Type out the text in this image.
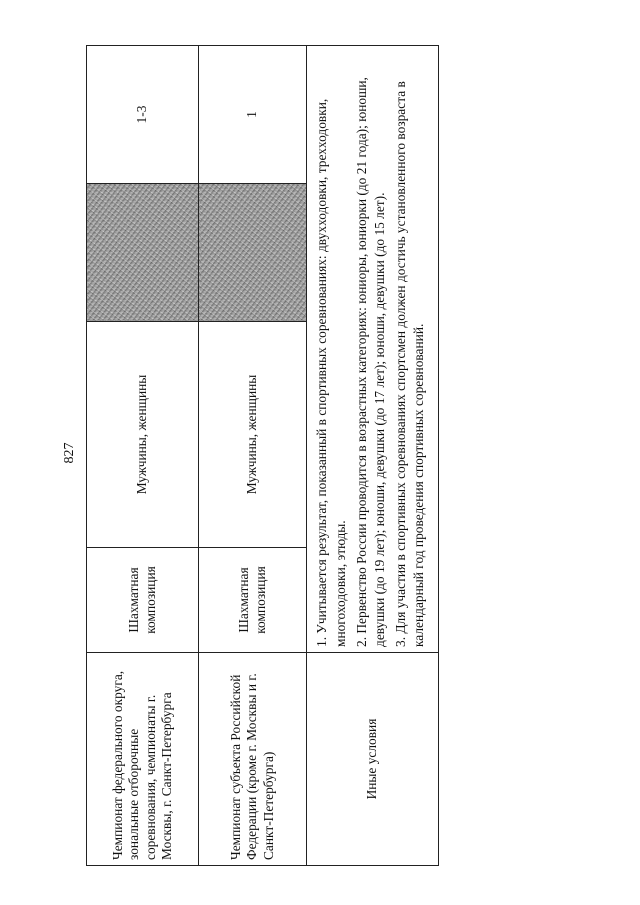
827
Чемпионат федерального округа, зональные отборочные соревнования, чемпионаты г. Москвы, г. Санкт-Петербурга	Шахматная композиция	Мужчины, женщины		1-3
Чемпионат субъекта Российской Федерации (кроме г. Москвы и г. Санкт-Петербурга)	Шахматная композиция	Мужчины, женщины		1
Иные условия	1. Учитывается результат, показанный в спортивных соревнованиях: двухходовки, трехходовки, многоходовки, этюды. 2. Первенство России проводится в возрастных категориях: юниоры, юниорки (до 21 года); юноши, девушки (до 19 лет); юноши, девушки (до 17 лет); юноши, девушки (до 15 лет). 3. Для участия в спортивных соревнованиях спортсмен должен достичь установленного возраста в календарный год проведения спортивных соревнований.			
